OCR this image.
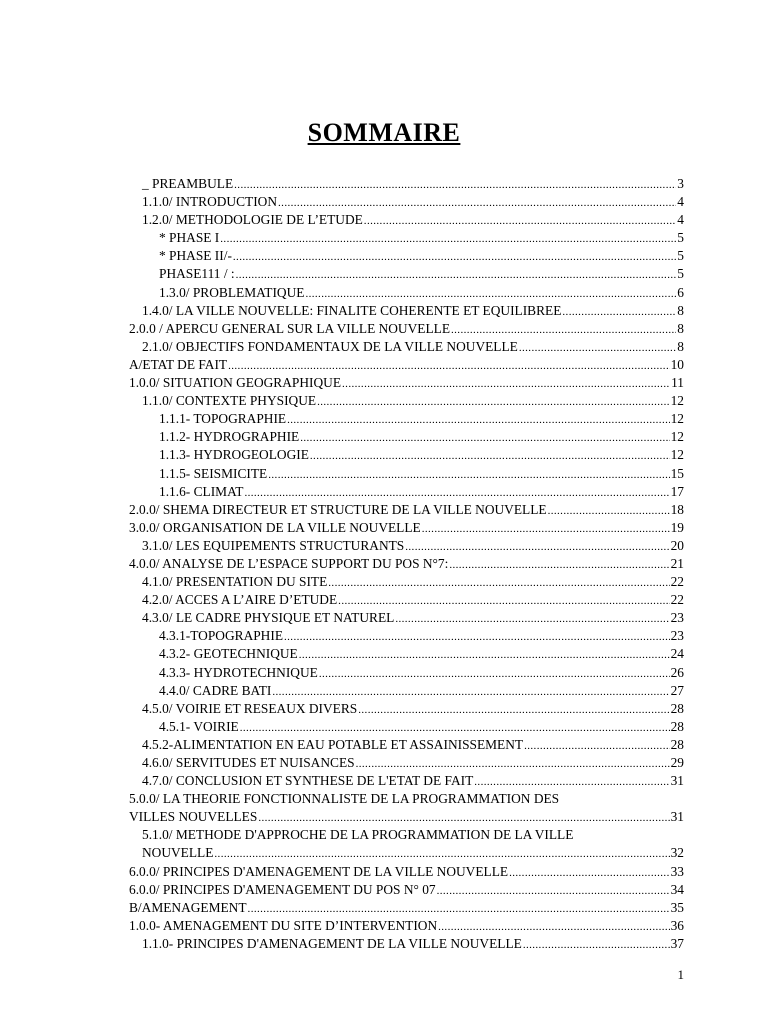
SOMMAIRE
_ PREAMBULE .....	3
1.1.0/ INTRODUCTION .....	4
1.2.0/ METHODOLOGIE DE L’ETUDE .....	4
* PHASE I .....	5
* PHASE II/- .....	5
PHASE111 / : .....	5
1.3.0/ PROBLEMATIQUE .....	6
1.4.0/ LA VILLE NOUVELLE: FINALITE COHERENTE ET EQUILIBREE .....	8
2.0.0 / APERCU GENERAL SUR LA VILLE NOUVELLE .....	8
2.1.0/ OBJECTIFS FONDAMENTAUX DE LA VILLE NOUVELLE .....	8
A/ETAT DE FAIT .....	10
1.0.0/ SITUATION GEOGRAPHIQUE .....	11
1.1.0/ CONTEXTE PHYSIQUE .....	12
1.1.1- TOPOGRAPHIE .....	12
1.1.2- HYDROGRAPHIE .....	12
1.1.3- HYDROGEOLOGIE .....	12
1.1.5- SEISMICITE .....	15
1.1.6- CLIMAT .....	17
2.0.0/ SHEMA DIRECTEUR ET STRUCTURE DE LA VILLE NOUVELLE .....	18
3.0.0/ ORGANISATION DE LA VILLE NOUVELLE .....	19
3.1.0/ LES EQUIPEMENTS STRUCTURANTS .....	20
4.0.0/ ANALYSE DE L’ESPACE SUPPORT DU POS N°7: .....	21
4.1.0/ PRESENTATION DU SITE .....	22
4.2.0/ ACCES A L’AIRE D’ETUDE .....	22
4.3.0/ LE CADRE PHYSIQUE ET NATUREL .....	23
4.3.1-TOPOGRAPHIE .....	23
4.3.2- GEOTECHNIQUE .....	24
4.3.3- HYDROTECHNIQUE .....	26
4.4.0/ CADRE BATI .....	27
4.5.0/ VOIRIE ET RESEAUX DIVERS .....	28
4.5.1- VOIRIE .....	28
4.5.2-ALIMENTATION EN EAU POTABLE ET ASSAINISSEMENT .....	28
4.6.0/ SERVITUDES ET NUISANCES .....	29
4.7.0/ CONCLUSION ET SYNTHESE DE L'ETAT DE FAIT .....	31
5.0.0/ LA THEORIE FONCTIONNALISTE DE LA PROGRAMMATION DES
VILLES NOUVELLES .....	31
5.1.0/ METHODE D'APPROCHE DE LA PROGRAMMATION DE LA VILLE
NOUVELLE .....	32
6.0.0/ PRINCIPES D'AMENAGEMENT DE LA VILLE NOUVELLE .....	33
6.0.0/ PRINCIPES D'AMENAGEMENT DU POS N° 07 .....	34
B/AMENAGEMENT .....	35
1.0.0- AMENAGEMENT DU SITE D’INTERVENTION .....	36
1.1.0- PRINCIPES D'AMENAGEMENT DE LA VILLE NOUVELLE .....	37
1
